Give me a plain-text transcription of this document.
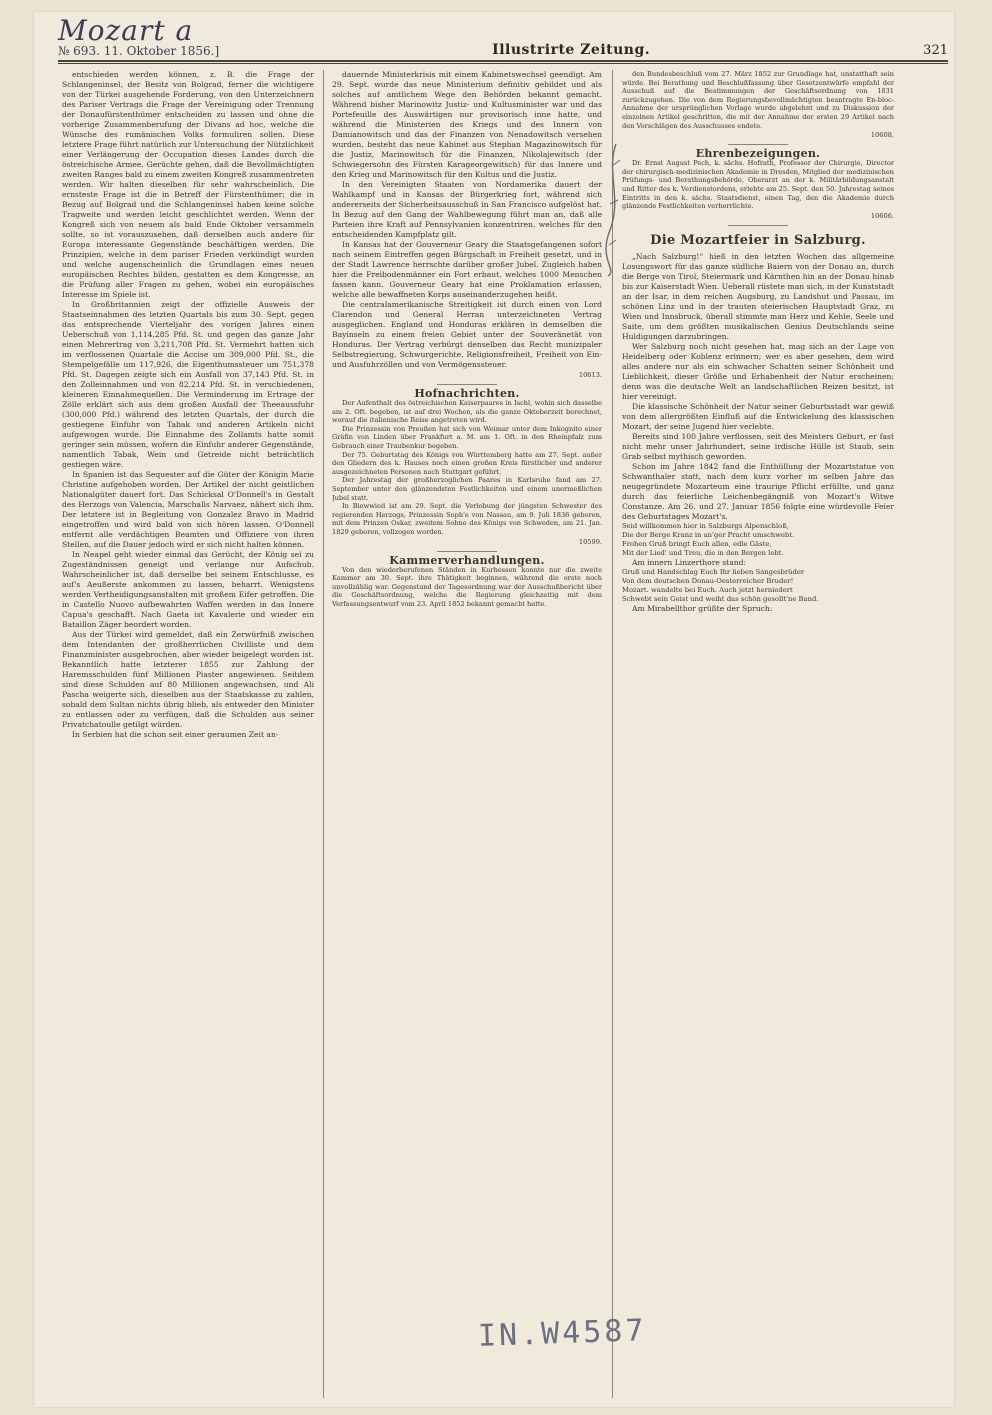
Mozart a
№ 693. 11. Oktober 1856.]	Illustrirte Zeitung.	321

entschieden werden können, z. B. die Frage der Schlangeninsel, der Besitz von Bolgrad, ferner die wichtigere von der Türkei ausgehende Forderung, von den Unterzeichnern des Pariser Vertrags die Frage der Vereinigung oder Trennung der Donaufürstenthümer entscheiden zu lassen und ohne die vorherige Zusammenberufung der Divans ad hoc, welche die Wünsche des rumänischen Volks formuliren sollen. Diese letztere Frage führt natürlich zur Untersuchung der Nützlichkeit einer Verlängerung der Occupation dieses Landes durch die östreichische Armee. Gerüchte gehen, daß die Bevollmächtigten zweiten Ranges bald zu einem zweiten Kongreß zusammentreten werden. Wir halten dieselben für sehr wahrscheinlich. Die ernsteste Frage ist die in Betreff der Fürstenthümer; die in Bezug auf Bolgrad und die Schlangeninsel haben keine solche Tragweite und werden leicht geschlichtet werden. Wenn der Kongreß sich von neuem als bald Ende Oktober versammeln sollte, so ist vorauszusehen, daß derselben auch andere für Europa interessante Gegenstände beschäftigen werden. Die Prinzipien, welche in dem pariser Frieden verkündigt wurden und welche augenscheinlich die Grundlagen eines neuen europäischen Rechtes bilden, gestatten es dem Kongresse, an die Prüfung aller Fragen zu gehen, wobei ein europäisches Interesse im Spiele ist.

In Großbritannien zeigt der offizielle Ausweis der Staatseinnahmen des letzten Quartals bis zum 30. Sept. gegen das entsprechende Vierteljahr des vorigen Jahres einen Ueberschuß von 1,114,285 Pfd. St. und gegen das ganze Jahr einen Mehrertrag von 3,211,708 Pfd. St. Vermehrt hatten sich im verflossenen Quartale die Accise um 309,000 Pfd. St., die Stempelgefälle um 117,926, die Eigenthumssteuer um 751,378 Pfd. St. Dagegen zeigte sich ein Ausfall von 37,143 Pfd. St. in den Zolleinnahmen und von 82,214 Pfd. St. in verschiedenen, kleineren Einnahmequellen. Die Verminderung im Ertrage der Zölle erklärt sich aus dem großen Ausfall der Theeaussfuhr (300,000 Pfd.) während des letzten Quartals, der durch die gestiegene Einfuhr von Tabak und anderen Artikeln nicht aufgewogen wurde. Die Einnahme des Zollamts hatte somit geringer sein müssen, wofern die Einfuhr anderer Gegenstände, namentlich Tabak, Wein und Getreide nicht beträchtlich gestiegen wäre.

In Spanien ist das Sequester auf die Güter der Königin Marie Christine aufgehoben worden. Der Artikel der nicht geistlichen Nationalgüter dauert fort. Das Schicksal O'Donnell's in Gestalt des Herzogs von Valencia, Marschalls Narvaez, nähert sich ihm. Der letztere ist in Begleitung von Gonzalez Bravo in Madrid eingetroffen und wird bald von sich hören lassen. O'Donnell entfernt alle verdächtigen Beamten und Offiziere von ihren Stellen, auf die Dauer jedoch wird er sich nicht halten können.

In Neapel geht wieder einmal das Gerücht, der König sei zu Zugeständnissen geneigt und verlange nur Aufschub. Wahrscheinlicher ist, daß derselbe bei seinem Entschlusse, es auf's Aeußerste ankommen zu lassen, beharrt. Wenigstens werden Vertheidigungsanstalten mit großem Eifer getroffen. Die in Castello Nuovo aufbewahrten Waffen werden in das Innere Capua's geschafft. Nach Gaeta ist Kavalerie und wieder ein Bataillon Zäger beordert worden.

Aus der Türkei wird gemeldet, daß ein Zerwürfniß zwischen dem Intendanten der großherrlichen Civilliste und dem Finanzminister ausgebrochen, aber wieder beigelegt worden ist. Bekanntlich hatte letzterer 1855 zur Zahlung der Haremsschulden fünf Millionen Piaster angewiesen. Seitdem sind diese Schulden auf 80 Millionen angewachsen, und Ali Pascha weigerte sich, dieselben aus der Staatskasse zu zahlen, sobald dem Sultan nichts übrig blieb, als entweder den Minister zu entlassen oder zu verfügen, daß die Schulden aus seiner Privatchatoulle getilgt würden.

In Serbien hat die schon seit einer geraumen Zeit an-

dauernde Ministerkrisis mit einem Kabinetswechsel geendigt. Am 29. Sept. wurde das neue Ministerium definitiv gebildet und als solches auf amtlichem Wege den Behörden bekannt gemacht. Während bisher Marinowitz Justiz- und Kultusminister war und das Portefeuille des Auswärtigen nur provisorisch inne hatte, und während die Ministerien des Kriegs und des Innern von Damianowitsch und das der Finanzen von Nenadowitsch versehen wurden, besteht das neue Kabinet aus Stephan Magazinowitsch für die Justiz, Marinowitsch für die Finanzen, Nikolajewitsch (der Schwiegersohn des Fürsten Karageorgewitsch) für das Innere und den Krieg und Marinowitsch für den Kultus und die Justiz.

In den Vereinigten Staaten von Nordamerika dauert der Wahlkampf und in Kansas der Bürgerkrieg fort, während sich andererseits der Sicherheitsausschuß in San Francisco aufgelöst hat. In Bezug auf den Gang der Wahlbewegung führt man an, daß alle Parteien ihre Kraft auf Pennsylvanien konzentriren, welches für den entscheidenden Kampfplatz gilt.

In Kansas hat der Gouverneur Geary die Staatsgefangenen sofort nach seinem Eintreffen gegen Bürgschaft in Freiheit gesetzt, und in der Stadt Lawrence herrschte darüber großer Jubel. Zugleich haben hier die Freibodenmänner ein Fort erbaut, welches 1000 Menschen fassen kann. Gouverneur Geary hat eine Proklamation erlassen, welche alle bewaffneten Korps auseinanderzugehen heißt.

Die centralamerikanische Streitigkeit ist durch einen von Lord Clarendon und General Herran unterzeichneten Vertrag ausgeglichen. England und Honduras erklären in demselben die Bayinseln zu einem freien Gebiet unter der Souveränetät von Honduras. Der Vertrag verbürgt denselben das Recht munizipaler Selbstregierung, Schwurgerichte, Religionsfreiheit, Freiheit von Ein- und Ausfuhrzöllen und von Vermögenssteuer.

10613.

Hofnachrichten.

Der Aufenthalt des östreichischen Kaiserpaares in Ischl, wohin sich dasselbe am 2. Oft. begeben, ist auf drei Wochen, als die ganze Oktoberzeit berechnet, worauf die italienische Reise angetreten wird.

Die Prinzessin von Preußen hat sich von Weimar unter dem Inkognito einer Gräfin von Linden über Frankfurt a. M. am 1. Oft. in den Rheinpfalz zum Gebrauch einer Traubenkur begeben.

Der 75. Geburtstag des Königs von Württemberg hatte am 27. Sept. außer den Gliedern des k. Hauses noch einen großen Kreis fürstlicher und anderer ausgezeichneten Personen nach Stuttgart geführt.

Der Jahrestag der großherzoglichen Paares in Karlsruhe fand am 27. September unter den glänzendsten Festlichkeiten und einem unermeßlichen Jubel statt.

In Biewwied ist am 29. Sept. die Verlobung der jüngsten Schwester des regierenden Herzogs, Prinzessin Soph'e von Nassau, am 9. Juli 1836 geboren, mit dem Prinzen Oskar, zweitem Sohne des Königs von Schweden, am 21. Jan. 1829 geboren, vollzogen worden.

10599.

Kammerverhandlungen.

Von den wiederberufenen Ständen in Kurhessen konnte nur die zweite Kammer am 30. Sept. ihre Thätigkeit beginnen, während die erste noch unvollzählig war. Gegenstand der Tagesordnung war der Ausschußbericht über die Geschäftsordnung, welche die Regierung gleichzeitig mit dem Verfassungsentwurf vom 23. April 1852 bekannt gemacht hatte.

den Bundesbeschluß vom 27. März 1852 zur Grundlage hat, unstatthaft sein würde. Bei Berathung und Beschlußfassung über Gesetzentwürfe empfahl der Ausschuß auf die Bestimmungen der Geschäftsordnung von 1831 zurückzugehen. Die von dem Regierungsbevollmächtigten beantragte En-bloc-Annahme der ursprünglichen Vorlage wurde abgelehnt und zu Diskussion der einzelnen Artikel geschritten, die mit der Annahme der ersten 29 Artikel nach den Vorschlägen des Ausschusses endete.

10608.

Ehrenbezeigungen.

Dr. Ernst August Pech, k. sächs. Hofrath, Professor der Chirurgie, Director der chirurgisch-medizinischen Akademie in Dresden, Mitglied der medizinischen Prüfungs- und Berathungsbehörde, Oberarzt an der k. Militärbildungsanstalt und Ritter des k. Verdienstordens, erlebte am 25. Sept. den 50. Jahrestag seines Eintritts in den k. sächs. Staatsdienst, einen Tag, den die Akademie durch glänzende Festlichkeiten verherrlichte.

10606.

Die Mozartfeier in Salzburg.

„Nach Salzburg!“ hieß in den letzten Wochen das allgemeine Losungswort für das ganze südliche Baiern von der Donau an, durch die Berge von Tirol, Steiermark und Kärnthen hin an der Donau hinab bis zur Kaiserstadt Wien. Ueberall rüstete man sich, in der Kunststadt an der Isar, in dem reichen Augsburg, zu Landshut und Passau, im schönen Linz und in der trauten steierischen Hauptstadt Graz, zu Wien und Innsbruck, überall stimmte man Herz und Kehle, Seele und Saite, um dem größten musikalischen Genius Deutschlands seine Huldigungen darzubringen.

Wer Salzburg noch nicht gesehen hat, mag sich an der Lage von Heidelberg oder Koblenz erinnern; wer es aber gesehen, dem wird alles andere nur als ein schwacher Schatten seiner Schönheit und Lieblichkeit, dieser Größe und Erhabenheit der Natur erscheinen; denn was die deutsche Welt an landschaftlichen Reizen besitzt, ist hier vereinigt.

Die klassische Schönheit der Natur seiner Geburtsstadt war gewiß von dem allergrößten Einfluß auf die Entwickelung des klassischen Mozart, der seine Jugend hier verlebte.

Bereits sind 100 Jahre verflossen, seit des Meisters Geburt, er fast nicht mehr unser Jahrhundert, seine irdische Hülle ist Staub, sein Grab selbst mythisch geworden.

Schon im Jahre 1842 fand die Enthüllung der Mozartstatue von Schwanthaler statt, nach dem kurz vorher im selben Jahre das neugegründete Mozarteum eine traurige Pflicht erfüllte, und ganz durch das feierliche Leichenbegängniß von Mozart's Witwe Constanze. Am 26. und 27. Januar 1856 folgte eine würdevolle Feier des Geburtstages Mozart's.

Seid willkommen hier in Salzburgs Alpenschloß,

Die der Berge Kranz in an'ger Pracht umschwebt.

Frohen Gruß bringt Euch allen, edle Gäste,

Mit der Lied' und Treu, die in den Bergen lebt.

Am innern Linzerthore stand:

Gruß und Handschlag Euch Ihr lieben Sangesbrüder

Von dem deutschen Donau-Oesterreicher Bruder!

Mozart. wandelte bei Euch. Auch jetzt herniedert

Schwebt sein Geist und weiht das schön gesollt'ne Band.

Am Mirabellthor grüßte der Spruch:

IN.W4587
